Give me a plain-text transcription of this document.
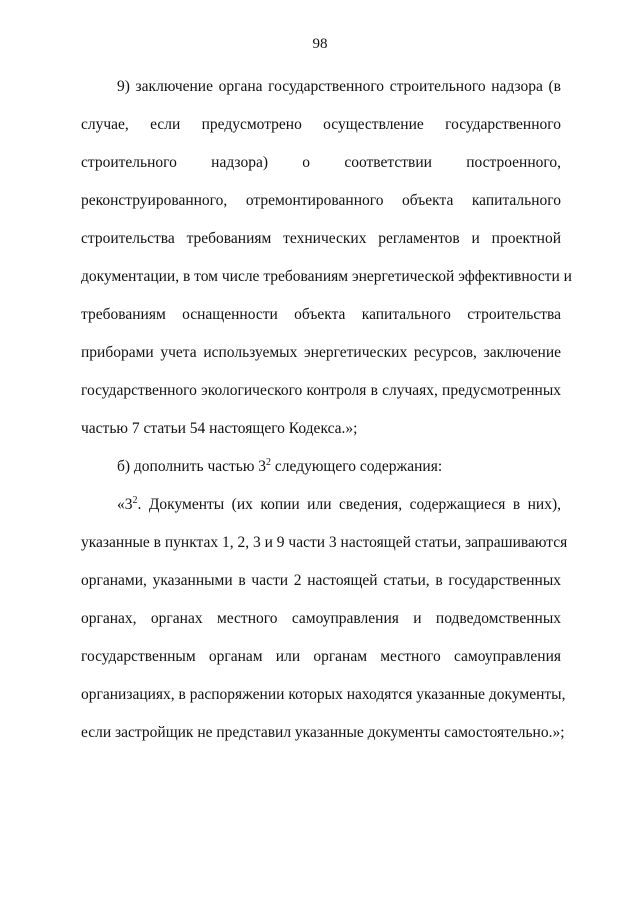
98
9) заключение органа государственного строительного надзора (в
случае, если предусмотрено осуществление государственного
строительного надзора) о соответствии построенного,
реконструированного, отремонтированного объекта капитального
строительства требованиям технических регламентов и проектной
документации, в том числе требованиям энергетической эффективности и
требованиям оснащенности объекта капитального строительства
приборами учета используемых энергетических ресурсов, заключение
государственного экологического контроля в случаях, предусмотренных
частью 7 статьи 54 настоящего Кодекса.»;
б) дополнить частью $3^2$ следующего содержания:
«$3^2$. Документы (их копии или сведения, содержащиеся в них),
указанные в пунктах 1, 2, 3 и 9 части 3 настоящей статьи, запрашиваются
органами, указанными в части 2 настоящей статьи, в государственных
органах, органах местного самоуправления и подведомственных
государственным органам или органам местного самоуправления
организациях, в распоряжении которых находятся указанные документы,
если застройщик не представил указанные документы самостоятельно.»;
